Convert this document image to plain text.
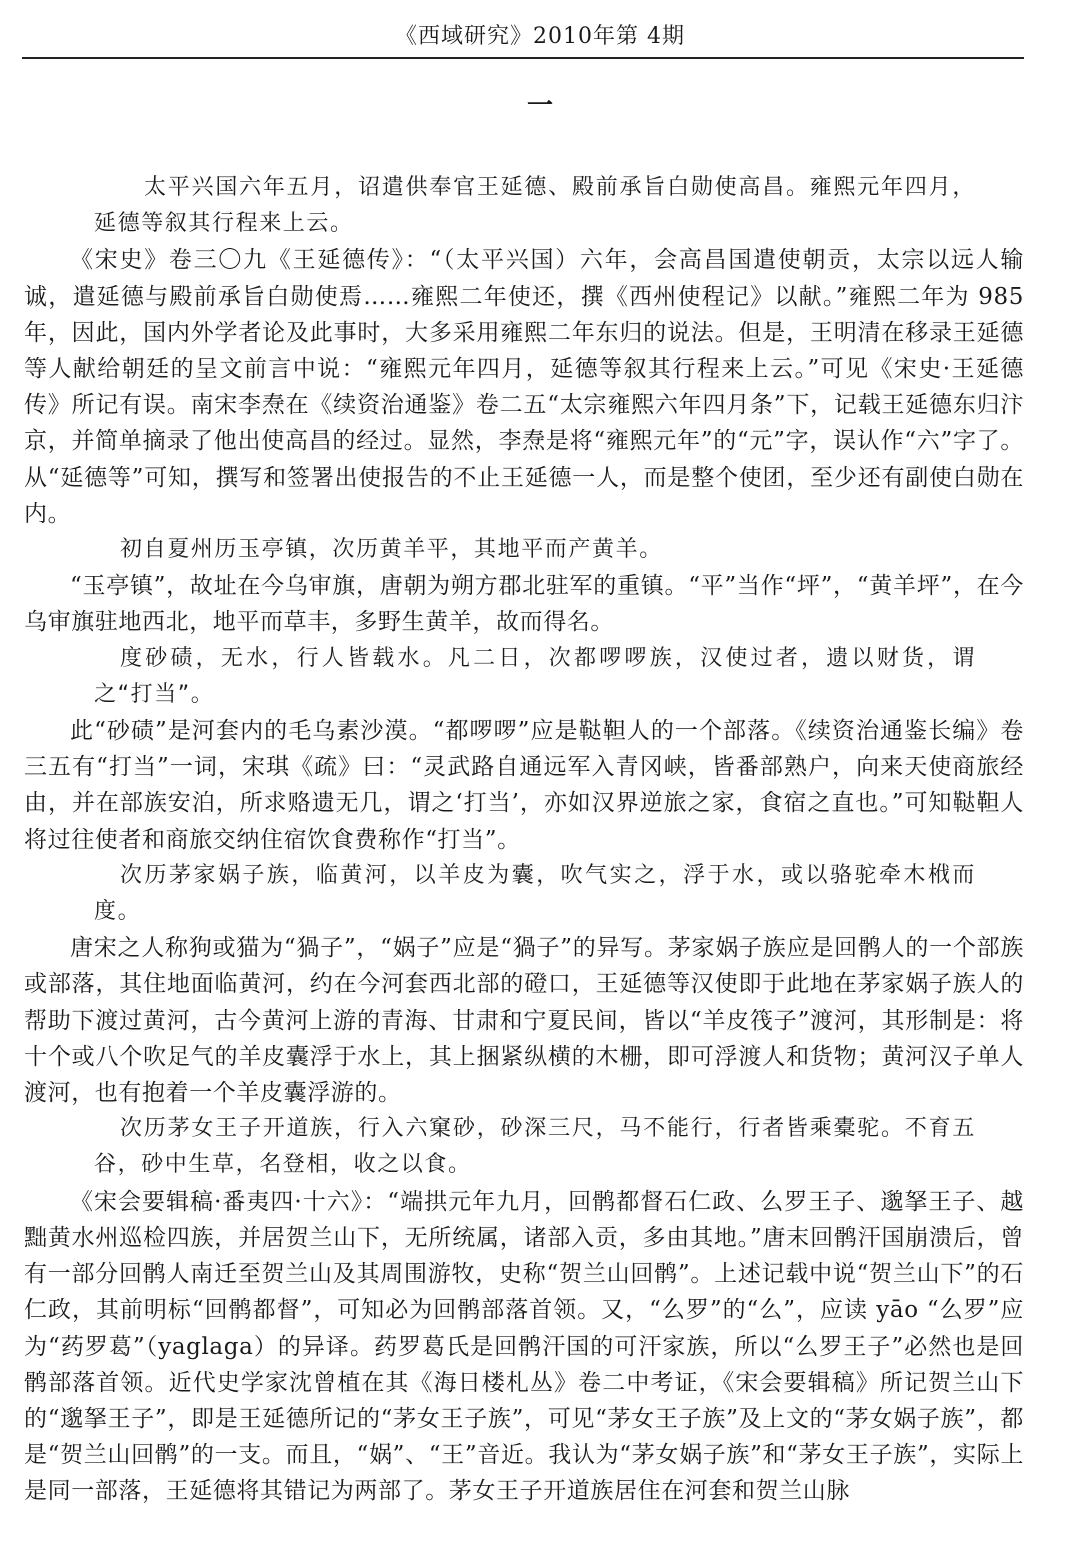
《西域研究》2010年第 4期
一

太平兴国六年五月，诏遣供奉官王延德、殿前承旨白勋使高昌。雍熙元年四月，延德等叙其行程来上云。

《宋史》卷三〇九《王延德传》：“（太平兴国）六年，会高昌国遣使朝贡，太宗以远人输诚，遣延德与殿前承旨白勋使焉……雍熙二年使还，撰《西州使程记》以献。”雍熙二年为 985年，因此，国内外学者论及此事时，大多采用雍熙二年东归的说法。但是，王明清在移录王延德等人献给朝廷的呈文前言中说：“雍熙元年四月，延德等叙其行程来上云。”可见《宋史·王延德传》所记有误。南宋李焘在《续资治通鉴》卷二五“太宗雍熙六年四月条”下，记载王延德东归汴京，并简单摘录了他出使高昌的经过。显然，李焘是将“雍熙元年”的“元”字，误认作“六”字了。从“延德等”可知，撰写和签署出使报告的不止王延德一人，而是整个使团，至少还有副使白勋在内。

初自夏州历玉亭镇，次历黄羊平，其地平而产黄羊。

“玉亭镇”，故址在今乌审旗，唐朝为朔方郡北驻军的重镇。“平”当作“坪”，“黄羊坪”，在今乌审旗驻地西北，地平而草丰，多野生黄羊，故而得名。

度砂碛，无水，行人皆载水。凡二日，次都啰啰族，汉使过者，遗以财货，谓之“打当”。

此“砂碛”是河套内的毛乌素沙漠。“都啰啰”应是鞑靼人的一个部落。《续资治通鉴长编》卷三五有“打当”一词，宋琪《疏》曰：“灵武路自通远军入青冈峡，皆番部熟户，向来天使商旅经由，并在部族安泊，所求赂遗无几，谓之‘打当’，亦如汉界逆旅之家，食宿之直也。”可知鞑靼人将过往使者和商旅交纳住宿饮食费称作“打当”。

次历茅家娲子族，临黄河，以羊皮为囊，吹气实之，浮于水，或以骆驼牵木栰而度。

唐宋之人称狗或猫为“猧子”，“娲子”应是“猧子”的异写。茅家娲子族应是回鹘人的一个部族或部落，其住地面临黄河，约在今河套西北部的磴口，王延德等汉使即于此地在茅家娲子族人的帮助下渡过黄河，古今黄河上游的青海、甘肃和宁夏民间，皆以“羊皮筏子”渡河，其形制是：将十个或八个吹足气的羊皮囊浮于水上，其上捆紧纵横的木栅，即可浮渡人和货物；黄河汉子单人渡河，也有抱着一个羊皮囊浮游的。

次历茅女王子开道族，行入六窠砂，砂深三尺，马不能行，行者皆乘橐驼。不育五谷，砂中生草，名登相，收之以食。

《宋会要辑稿·番夷四·十六》：“端拱元年九月，回鹘都督石仁政、么罗王子、邈拏王子、越黜黄水州巡检四族，并居贺兰山下，无所统属，诸部入贡，多由其地。”唐末回鹘汗国崩溃后，曾有一部分回鹘人南迁至贺兰山及其周围游牧，史称“贺兰山回鹘”。上述记载中说“贺兰山下”的石仁政，其前明标“回鹘都督”，可知必为回鹘部落首领。又，“么罗”的“么”，应读 yāo “么罗”应为“药罗葛”（yaglaga）的异译。药罗葛氏是回鹘汗国的可汗家族，所以“么罗王子”必然也是回鹘部落首领。近代史学家沈曾植在其《海日楼札丛》卷二中考证，《宋会要辑稿》所记贺兰山下的“邈拏王子”，即是王延德所记的“茅女王子族”，可见“茅女王子族”及上文的“茅女娲子族”，都是“贺兰山回鹘”的一支。而且，“娲”、“王”音近。我认为“茅女娲子族”和“茅女王子族”，实际上是同一部落，王延德将其错记为两部了。茅女王子开道族居住在河套和贺兰山脉
